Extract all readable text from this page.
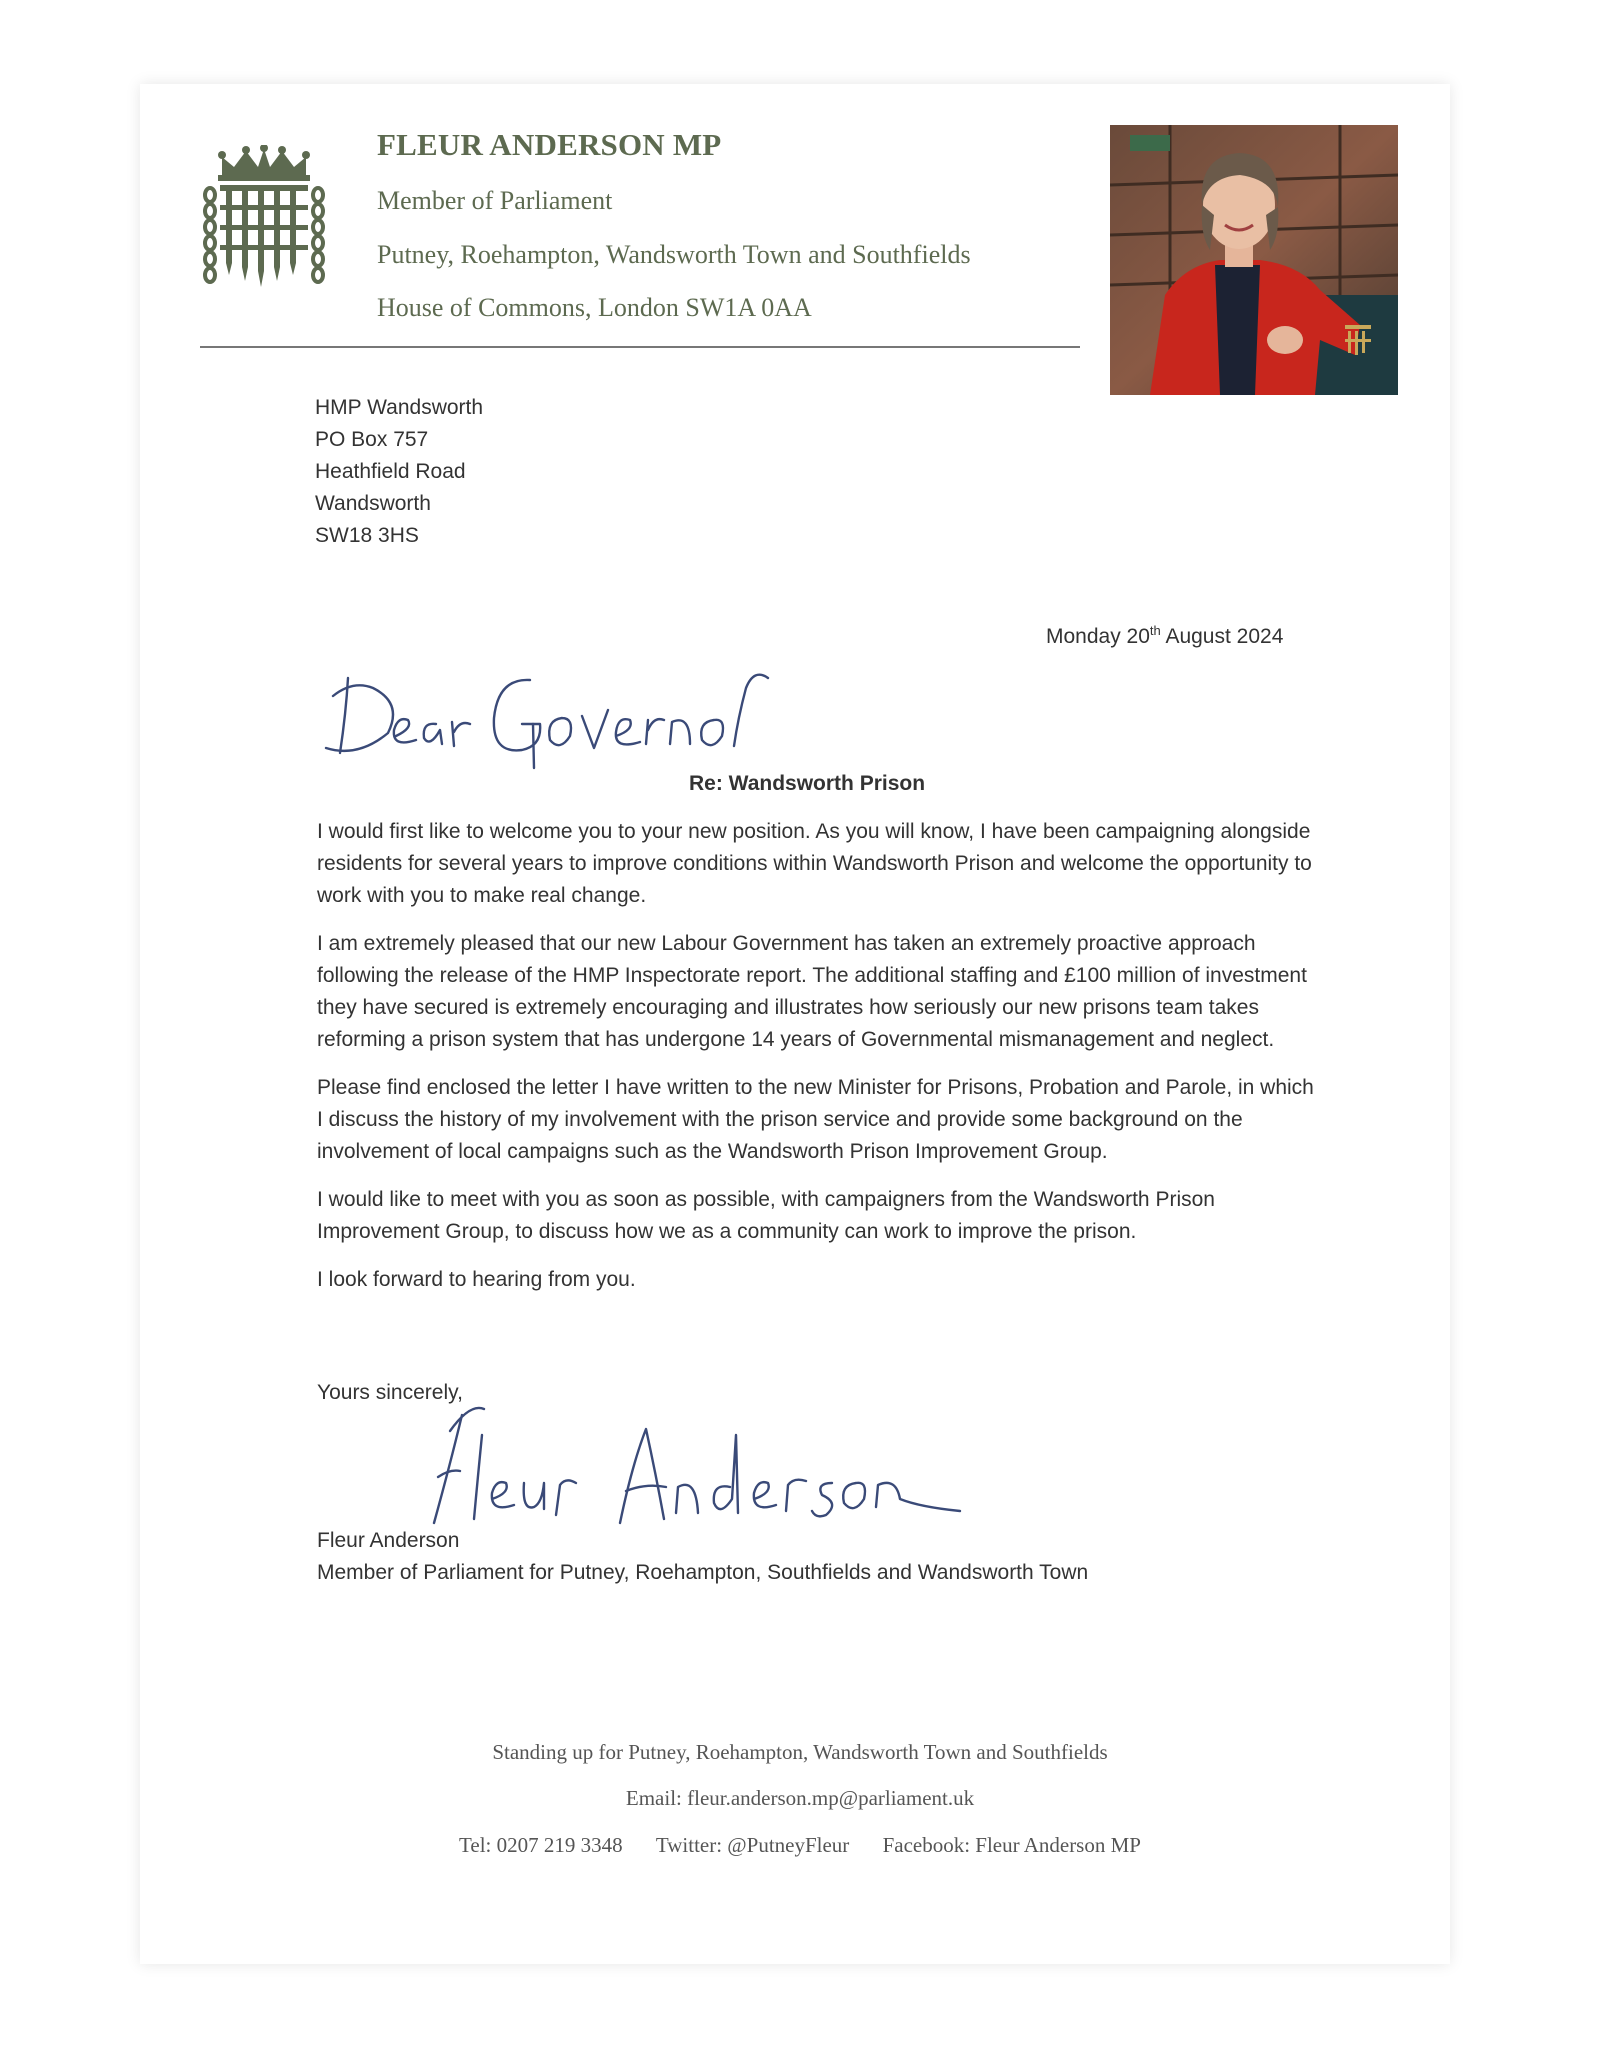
FLEUR ANDERSON MP
Member of Parliament
Putney, Roehampton, Wandsworth Town and Southfields
House of Commons, London SW1A 0AA
HMP Wandsworth
PO Box 757
Heathfield Road
Wandsworth
SW18 3HS
Monday 20th August 2024
Re: Wandsworth Prison

I would first like to welcome you to your new position. As you will know, I have been campaigning alongside residents for several years to improve conditions within Wandsworth Prison and welcome the opportunity to work with you to make real change.

I am extremely pleased that our new Labour Government has taken an extremely proactive approach following the release of the HMP Inspectorate report. The additional staffing and £100 million of investment they have secured is extremely encouraging and illustrates how seriously our new prisons team takes reforming a prison system that has undergone 14 years of Governmental mismanagement and neglect.

Please find enclosed the letter I have written to the new Minister for Prisons, Probation and Parole, in which I discuss the history of my involvement with the prison service and provide some background on the involvement of local campaigns such as the Wandsworth Prison Improvement Group.

I would like to meet with you as soon as possible, with campaigners from the Wandsworth Prison Improvement Group, to discuss how we as a community can work to improve the prison.

I look forward to hearing from you.

Yours sincerely,
Fleur Anderson
Member of Parliament for Putney, Roehampton, Southfields and Wandsworth Town
Standing up for Putney, Roehampton, Wandsworth Town and Southfields
Email: fleur.anderson.mp@parliament.uk
Tel: 0207 219 3348 Twitter: @PutneyFleur Facebook: Fleur Anderson MP
